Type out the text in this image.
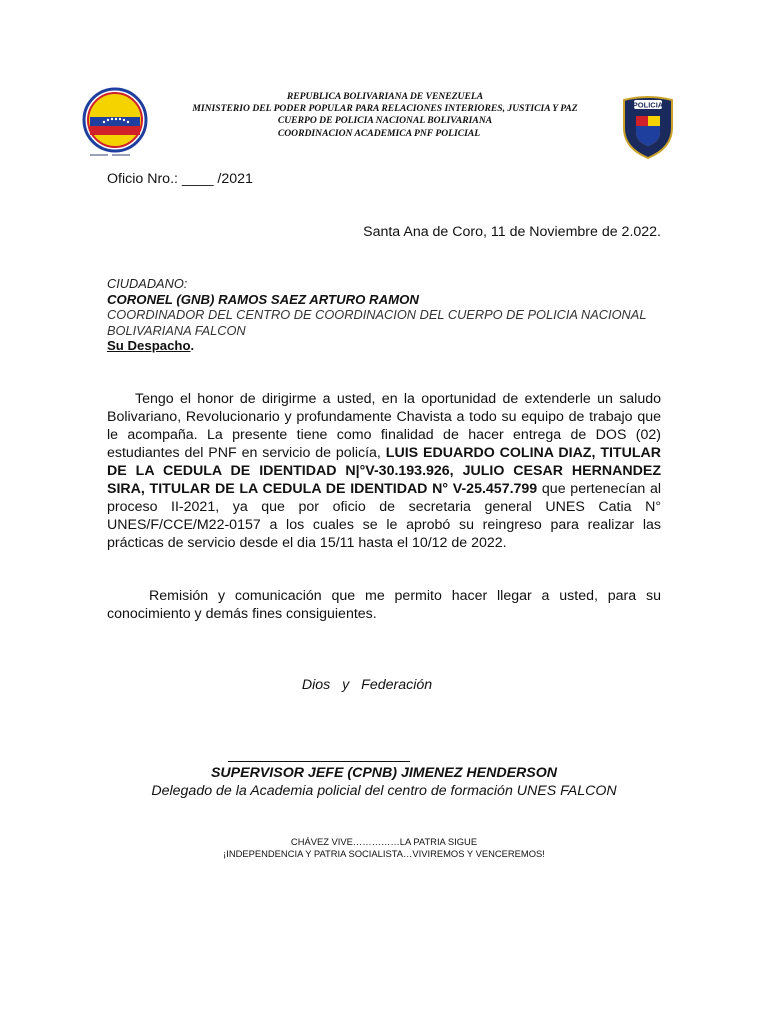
REPUBLICA BOLIVARIANA DE VENEZUELA
MINISTERIO DEL PODER POPULAR PARA RELACIONES INTERIORES, JUSTICIA Y PAZ
CUERPO DE POLICIA NACIONAL BOLIVARIANA
COORDINACION ACADEMICA PNF POLICIAL
POLICIA
Oficio Nro.: ____ /2021
Santa Ana de Coro, 11 de Noviembre de 2.022.
CIUDADANO:
CORONEL (GNB) RAMOS SAEZ ARTURO RAMON
COORDINADOR DEL CENTRO DE COORDINACION DEL CUERPO DE POLICIA NACIONAL BOLIVARIANA FALCON
Su Despacho.
Tengo el honor de dirigirme a usted, en la oportunidad de extenderle un saludo Bolivariano, Revolucionario y profundamente Chavista a todo su equipo de trabajo que le acompaña. La presente tiene como finalidad de hacer entrega de DOS (02) estudiantes del PNF en servicio de policía, LUIS EDUARDO COLINA DIAZ, TITULAR DE LA CEDULA DE IDENTIDAD N|°V-30.193.926, JULIO CESAR HERNANDEZ SIRA, TITULAR DE LA CEDULA DE IDENTIDAD N° V-25.457.799 que pertenecían al proceso II-2021, ya que por oficio de secretaria general UNES Catia N° UNES/F/CCE/M22-0157 a los cuales se le aprobó su reingreso para realizar las prácticas de servicio desde el dia 15/11 hasta el 10/12 de 2022.
Remisión y comunicación que me permito hacer llegar a usted, para su conocimiento y demás fines consiguientes.
Dios y Federación
SUPERVISOR JEFE (CPNB) JIMENEZ HENDERSON
Delegado de la Academia policial del centro de formación UNES FALCON
CHÁVEZ VIVE……………LA PATRIA SIGUE
¡INDEPENDENCIA Y PATRIA SOCIALISTA…VIVIREMOS Y VENCEREMOS!
